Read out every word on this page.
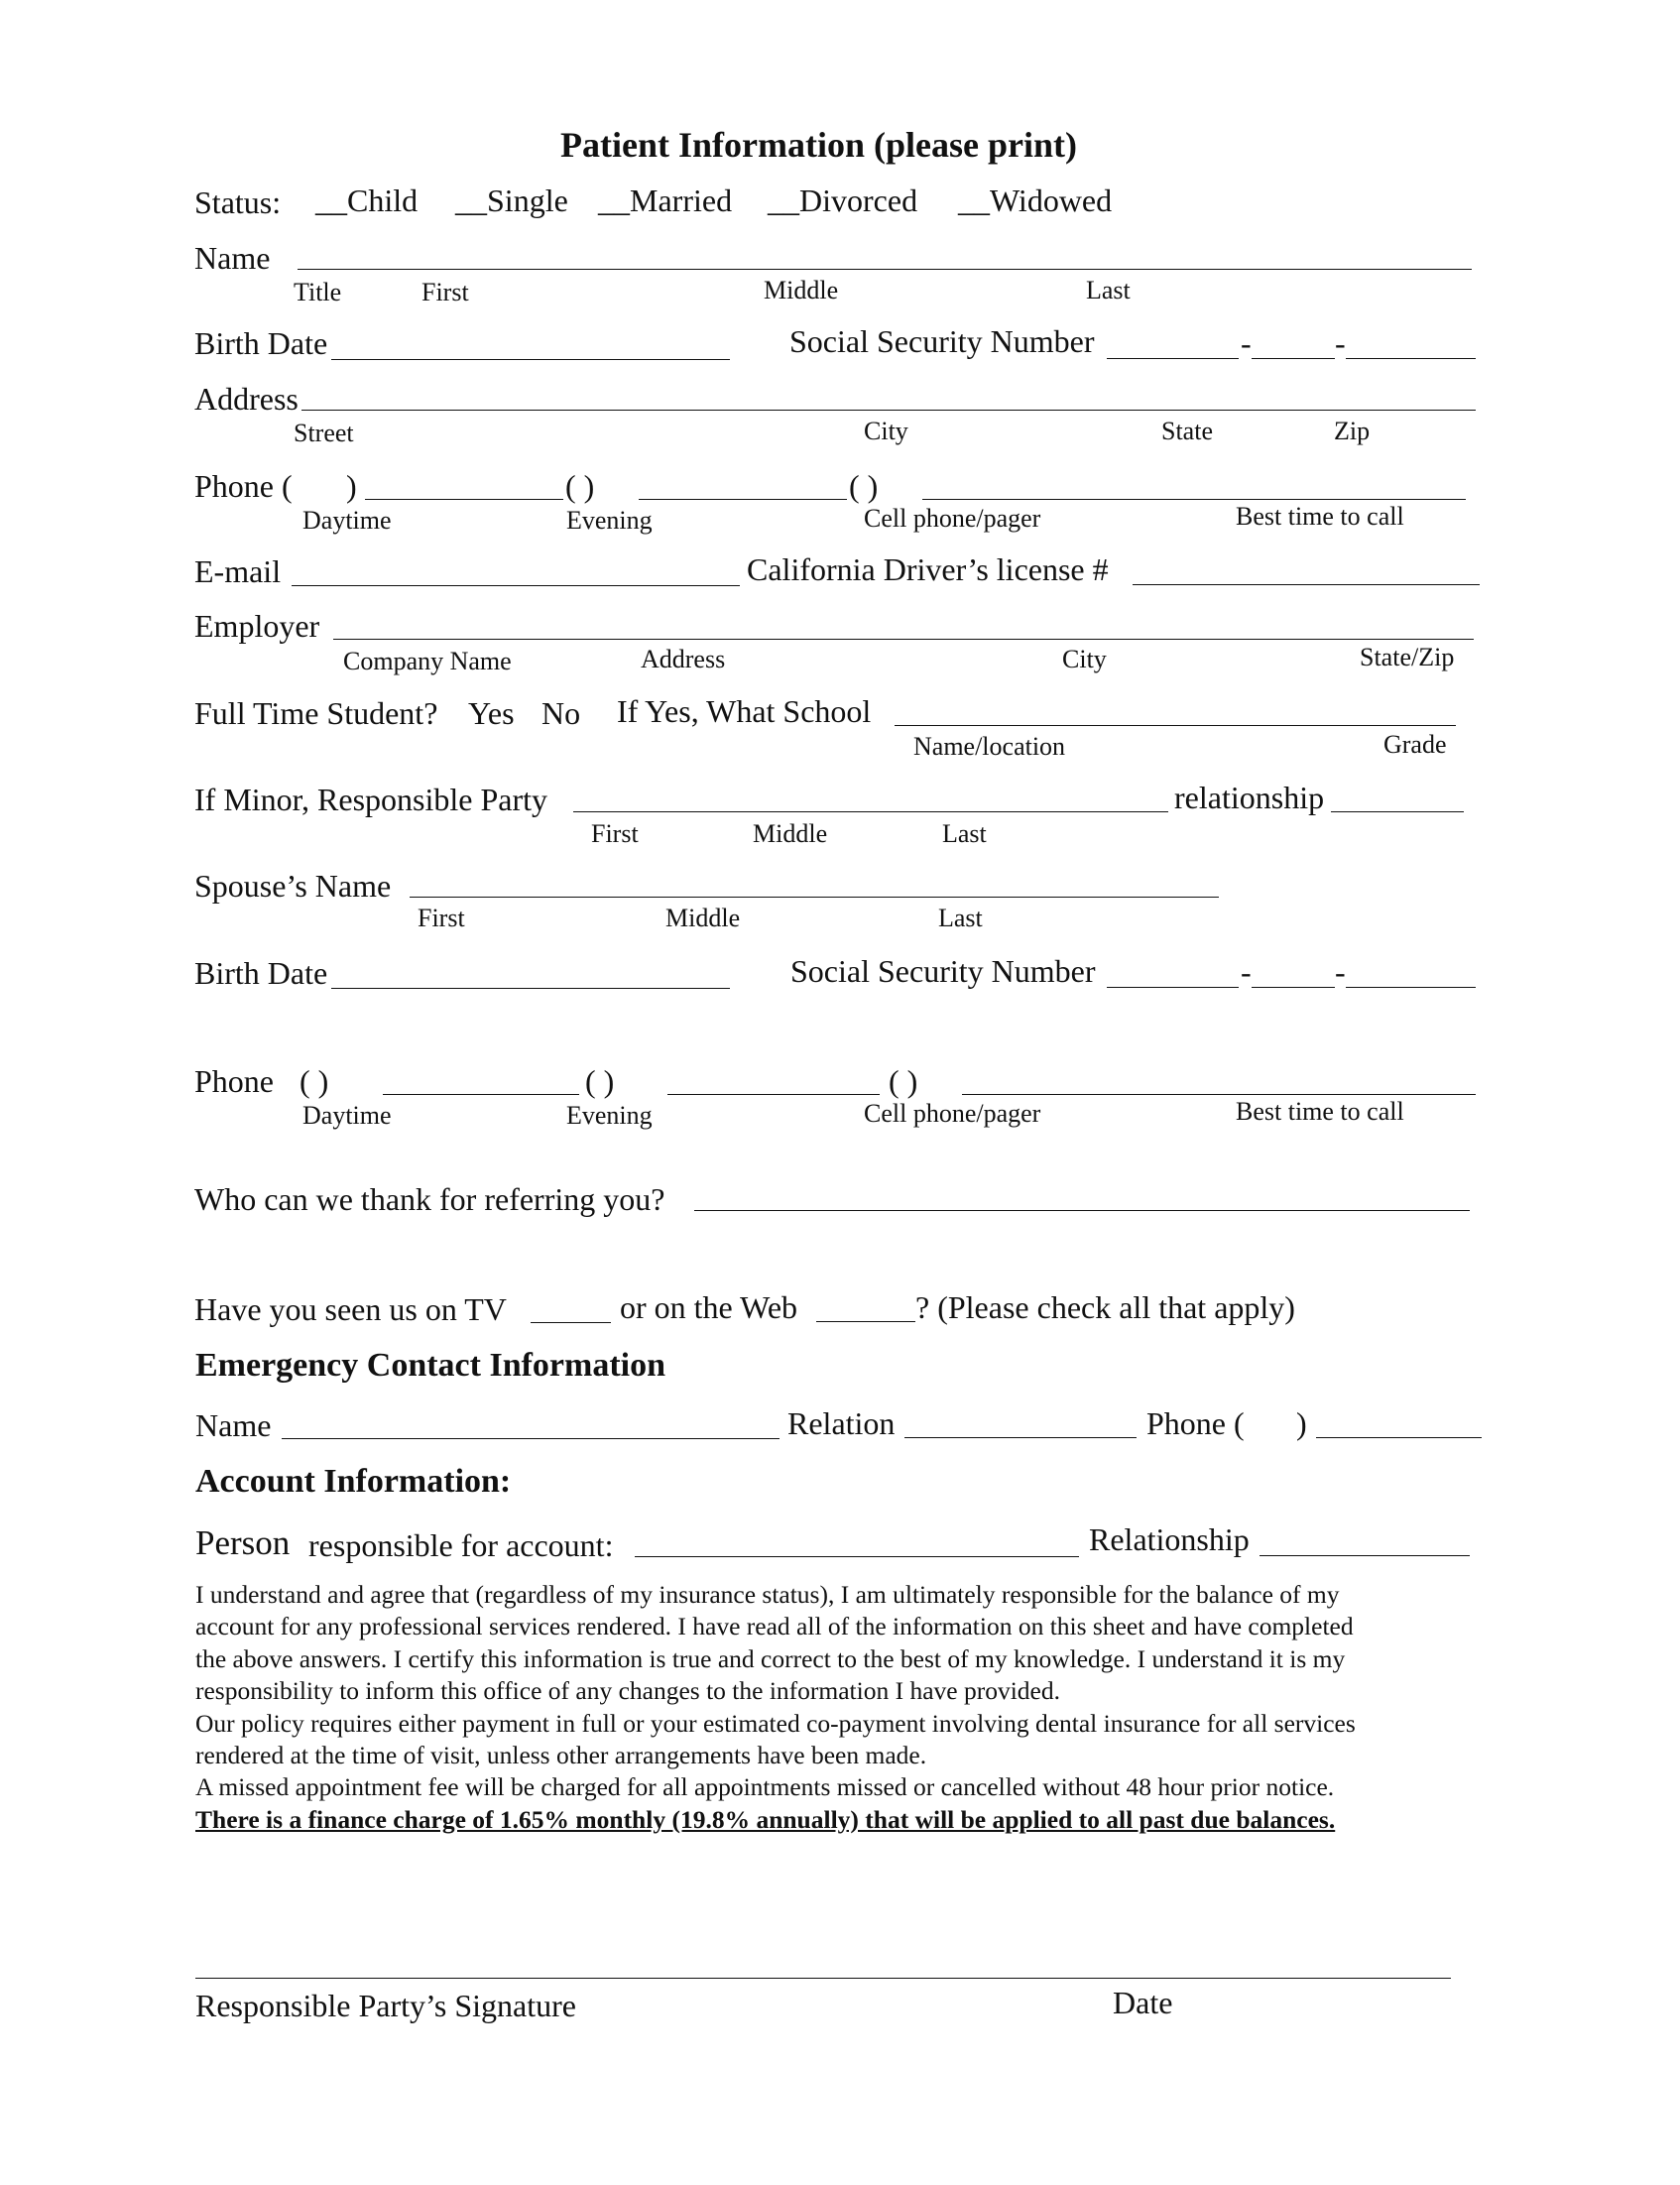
Patient Information (please print)
Status: __Child __Single __Married __Divorced __Widowed
Name
Title	First	Middle	Last
Birth Date	Social Security Number	-	-
Address
Street	City	State	Zip
Phone ( )	( )	( )
Daytime	Evening	Cell phone/pager	Best time to call
E-mail	California Driver’s license #
Employer
Company Name	Address	City	State/Zip
Full Time Student? Yes No If Yes, What School
Name/location	Grade
If Minor, Responsible Party	relationship
First	Middle	Last
Spouse’s Name
First	Middle	Last
Birth Date	Social Security Number	-	-
Phone ( )	( )	( )
Daytime	Evening	Cell phone/pager	Best time to call
Who can we thank for referring you?
Have you seen us on TV	or on the Web	? (Please check all that apply)
Emergency Contact Information
Name	Relation	Phone ( )
Account Information:
Person responsible for account:	Relationship
I understand and agree that (regardless of my insurance status), I am ultimately responsible for the balance of my
account for any professional services rendered. I have read all of the information on this sheet and have completed
the above answers. I certify this information is true and correct to the best of my knowledge. I understand it is my
responsibility to inform this office of any changes to the information I have provided.
Our policy requires either payment in full or your estimated co-payment involving dental insurance for all services
rendered at the time of visit, unless other arrangements have been made.
A missed appointment fee will be charged for all appointments missed or cancelled without 48 hour prior notice.
There is a finance charge of 1.65% monthly (19.8% annually) that will be applied to all past due balances.
Responsible Party’s Signature	Date
